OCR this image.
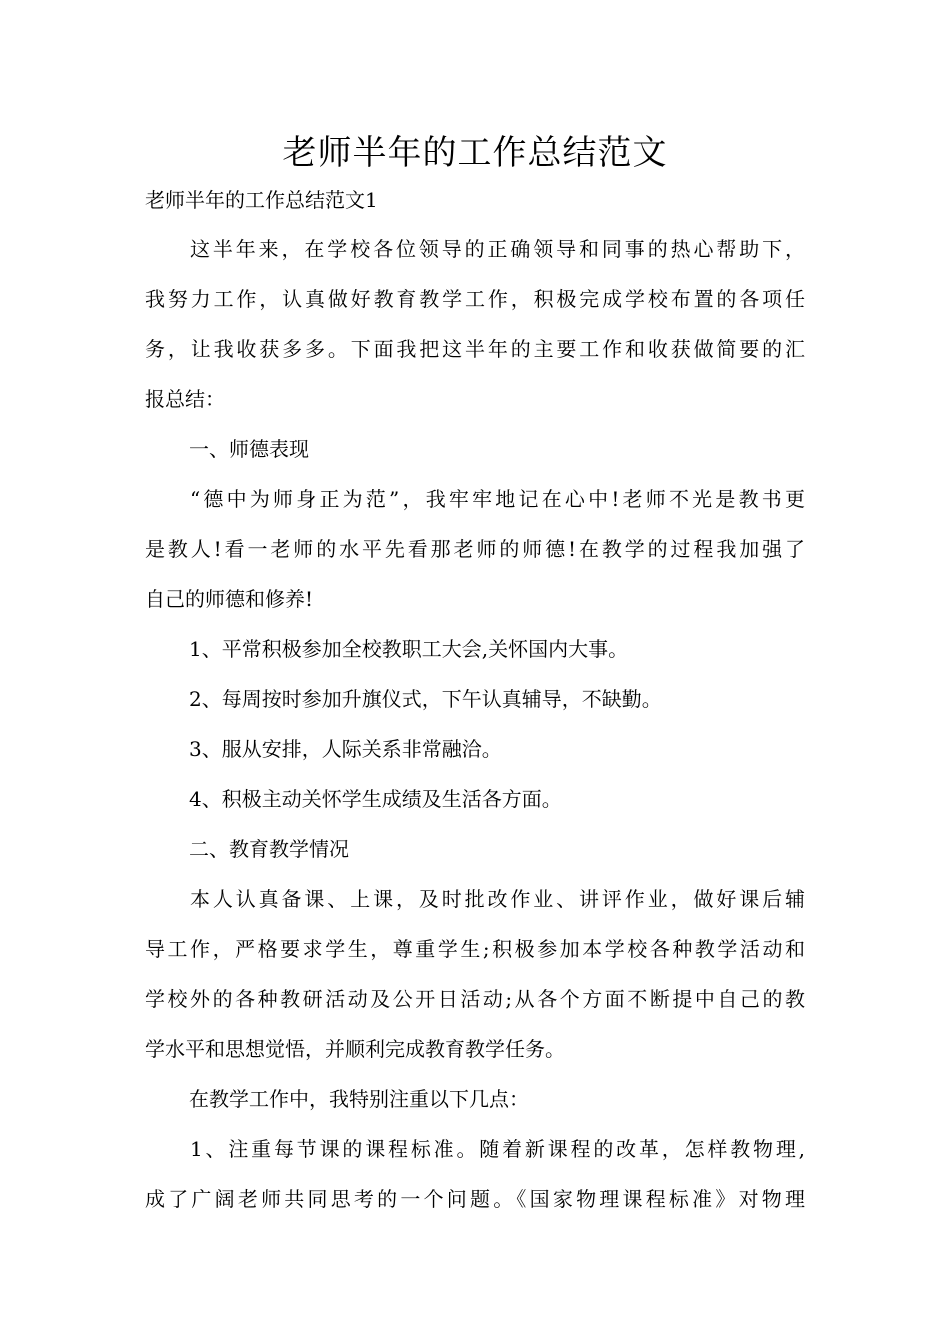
老师半年的工作总结范文

老师半年的工作总结范文1

这半年来，在学校各位领导的正确领导和同事的热心帮助下，

我努力工作，认真做好教育教学工作，积极完成学校布置的各项任

务，让我收获多多。下面我把这半年的主要工作和收获做简要的汇

报总结：

一、师德表现

“德中为师身正为范”，我牢牢地记在心中!老师不光是教书更

是教人!看一老师的水平先看那老师的师德!在教学的过程我加强了

自己的师德和修养!

1、平常积极参加全校教职工大会,关怀国内大事。

2、每周按时参加升旗仪式，下午认真辅导，不缺勤。

3、服从安排，人际关系非常融洽。

4、积极主动关怀学生成绩及生活各方面。

二、教育教学情况

本人认真备课、上课，及时批改作业、讲评作业，做好课后辅

导工作，严格要求学生，尊重学生;积极参加本学校各种教学活动和

学校外的各种教研活动及公开日活动;从各个方面不断提中自己的教

学水平和思想觉悟，并顺利完成教育教学任务。

在教学工作中，我特别注重以下几点：

1、注重每节课的课程标准。随着新课程的改革，怎样教物理,

成了广阔老师共同思考的一个问题。《国家物理课程标准》对物理
